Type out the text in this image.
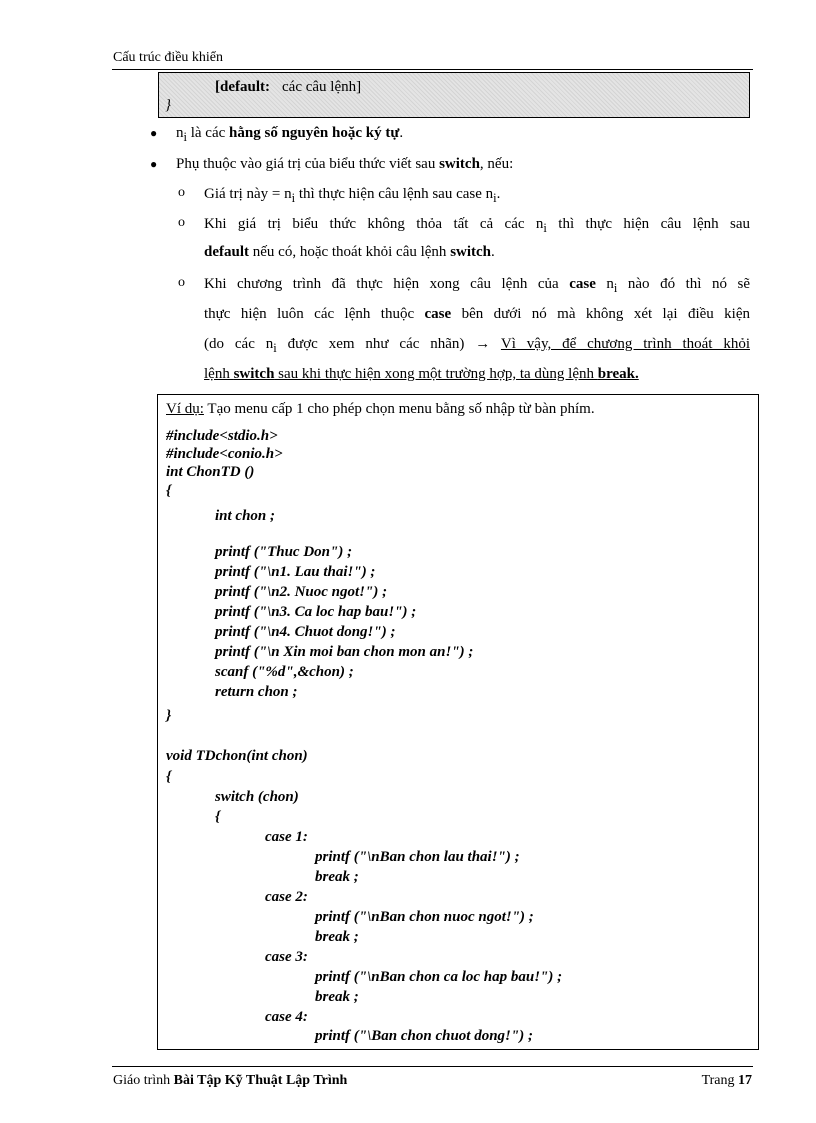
Cấu trúc điều khiển
[default: các câu lệnh]
}
● $n_i$ là các hằng số nguyên hoặc ký tự.
● Phụ thuộc vào giá trị của biểu thức viết sau switch, nếu:
o Giá trị này = $n_i$ thì thực hiện câu lệnh sau case $n_i$.
o Khi giá trị biểu thức không thỏa tất cả các $n_i$ thì thực hiện câu lệnh sau
default nếu có, hoặc thoát khỏi câu lệnh switch.
o Khi chương trình đã thực hiện xong câu lệnh của case $n_i$ nào đó thì nó sẽ
thực hiện luôn các lệnh thuộc case bên dưới nó mà không xét lại điều kiện
(do các $n_i$ được xem như các nhãn) → Vì vậy, để chương trình thoát khỏi
lệnh switch sau khi thực hiện xong một trường hợp, ta dùng lệnh break.
Ví dụ: Tạo menu cấp 1 cho phép chọn menu bằng số nhập từ bàn phím.
#include<stdio.h>
#include<conio.h>
int ChonTD ()
{
int chon ;
printf ("Thuc Don") ;
printf ("\n1. Lau thai!") ;
printf ("\n2. Nuoc ngot!") ;
printf ("\n3. Ca loc hap bau!") ;
printf ("\n4. Chuot dong!") ;
printf ("\n Xin moi ban chon mon an!") ;
scanf ("%d",&chon) ;
return chon ;
}
void TDchon(int chon)
{
switch (chon)
{
case 1:
printf ("\nBan chon lau thai!") ;
break ;
case 2:
printf ("\nBan chon nuoc ngot!") ;
break ;
case 3:
printf ("\nBan chon ca loc hap bau!") ;
break ;
case 4:
printf ("\Ban chon chuot dong!") ;
Giáo trình Bài Tập Kỹ Thuật Lập Trình	Trang 17
